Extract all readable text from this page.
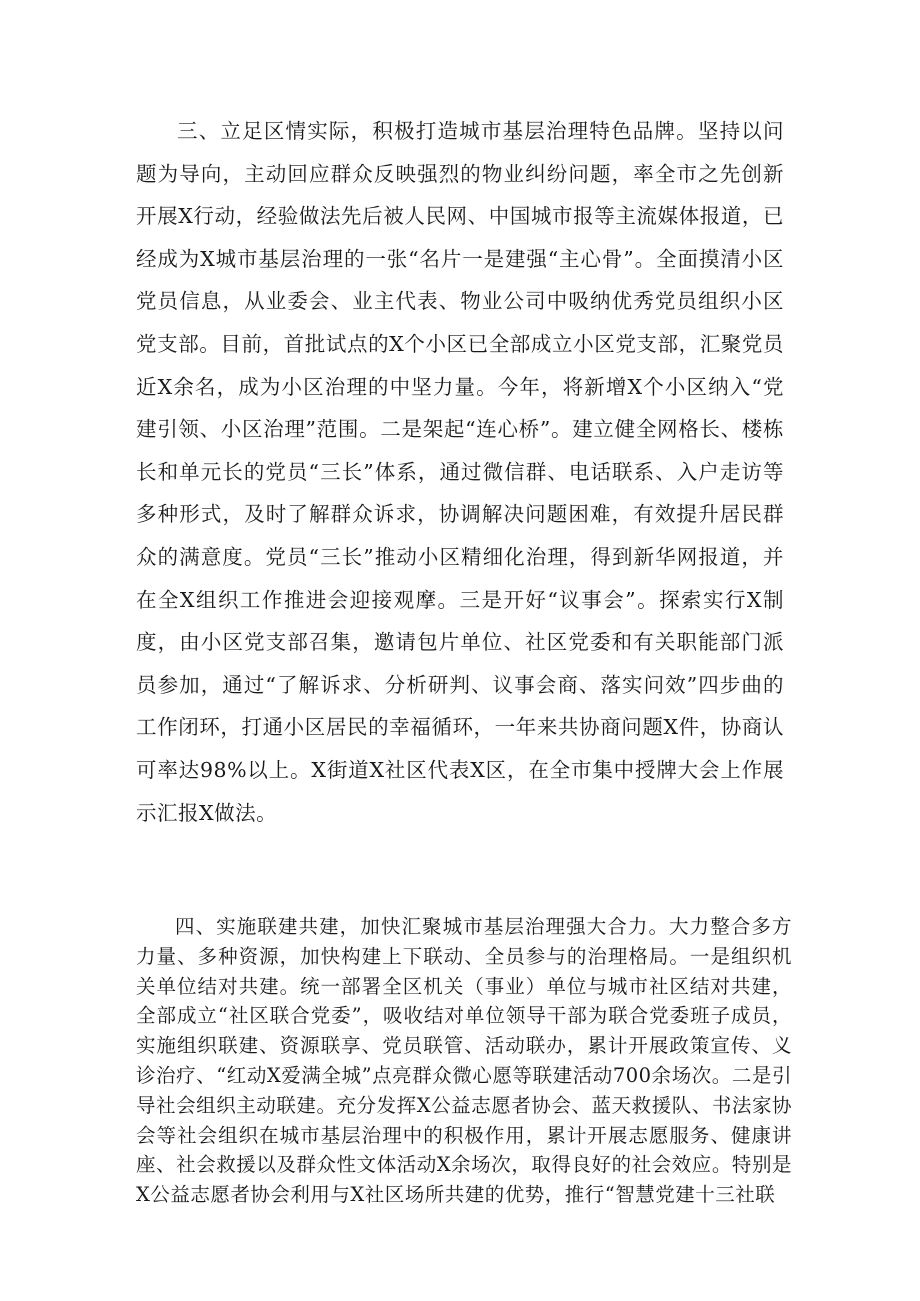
三、立足区情实际，积极打造城市基层治理特色品牌。坚持以问题为导向，主动回应群众反映强烈的物业纠纷问题，率全市之先创新开展X行动，经验做法先后被人民网、中国城市报等主流媒体报道，已经成为X城市基层治理的一张“名片一是建强“主心骨”。全面摸清小区党员信息，从业委会、业主代表、物业公司中吸纳优秀党员组织小区党支部。目前，首批试点的X个小区已全部成立小区党支部，汇聚党员近X余名，成为小区治理的中坚力量。今年，将新增X个小区纳入“党建引领、小区治理”范围。二是架起“连心桥”。建立健全网格长、楼栋长和单元长的党员“三长”体系，通过微信群、电话联系、入户走访等多种形式，及时了解群众诉求，协调解决问题困难，有效提升居民群众的满意度。党员“三长”推动小区精细化治理，得到新华网报道，并在全X组织工作推进会迎接观摩。三是开好“议事会”。探索实行X制度，由小区党支部召集，邀请包片单位、社区党委和有关职能部门派员参加，通过“了解诉求、分析研判、议事会商、落实问效”四步曲的工作闭环，打通小区居民的幸福循环，一年来共协商问题X件，协商认可率达98%以上。X街道X社区代表X区，在全市集中授牌大会上作展示汇报X做法。

四、实施联建共建，加快汇聚城市基层治理强大合力。大力整合多方力量、多种资源，加快构建上下联动、全员参与的治理格局。一是组织机关单位结对共建。统一部署全区机关（事业）单位与城市社区结对共建，全部成立“社区联合党委”，吸收结对单位领导干部为联合党委班子成员，实施组织联建、资源联享、党员联管、活动联办，累计开展政策宣传、义诊治疗、“红动X爱满全城”点亮群众微心愿等联建活动700余场次。二是引导社会组织主动联建。充分发挥X公益志愿者协会、蓝天救援队、书法家协会等社会组织在城市基层治理中的积极作用，累计开展志愿服务、健康讲座、社会救援以及群众性文体活动X余场次，取得良好的社会效应。特别是X公益志愿者协会利用与X社区场所共建的优势，推行“智慧党建十三社联
